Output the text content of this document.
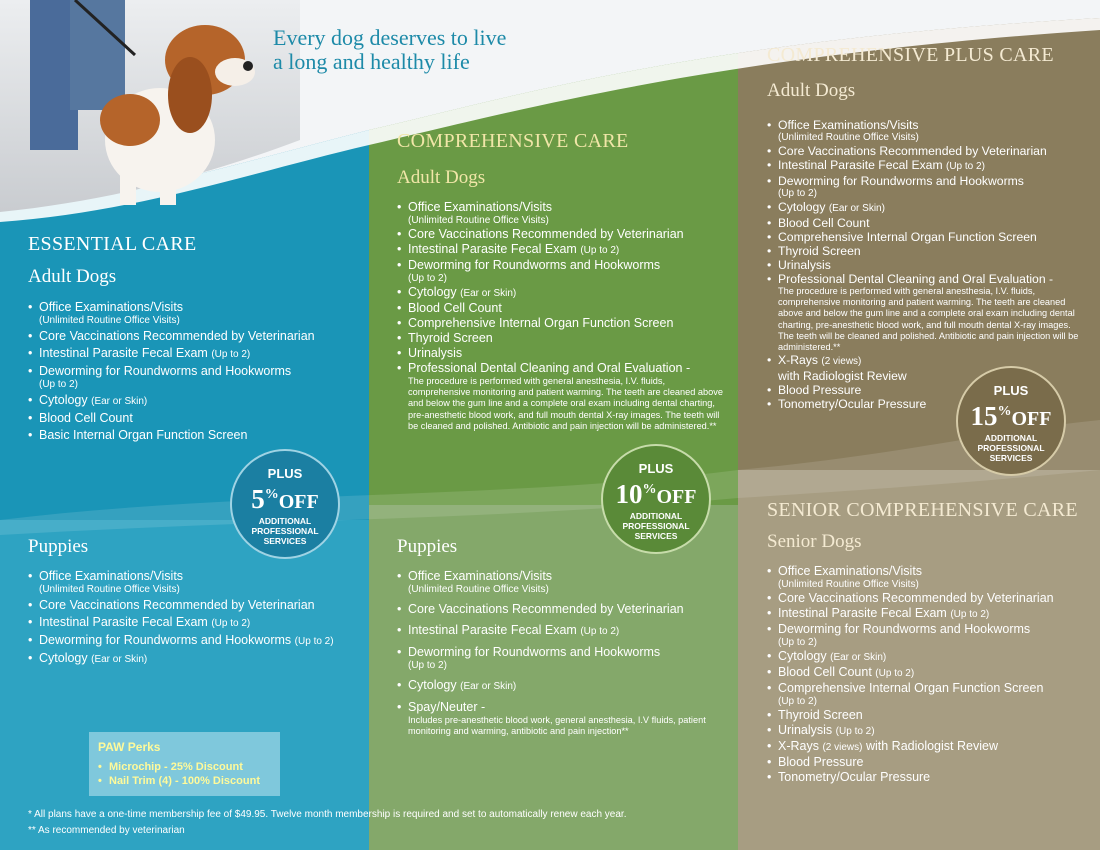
Every dog deserves to live a long and healthy life
ESSENTIAL CARE
Adult Dogs
• Office Examinations/Visits
(Unlimited Routine Office Visits)
• Core Vaccinations Recommended by Veterinarian
• Intestinal Parasite Fecal Exam (Up to 2)
• Deworming for Roundworms and Hookworms
(Up to 2)
• Cytology (Ear or Skin)
• Blood Cell Count
• Basic Internal Organ Function Screen
PLUS
5%OFF
ADDITIONAL
PROFESSIONAL
SERVICES
Puppies
• Office Examinations/Visits
(Unlimited Routine Office Visits)
• Core Vaccinations Recommended by Veterinarian
• Intestinal Parasite Fecal Exam (Up to 2)
• Deworming for Roundworms and Hookworms (Up to 2)
• Cytology (Ear or Skin)
PAW Perks
• Microchip - 25% Discount
• Nail Trim (4) - 100% Discount
COMPREHENSIVE CARE
Adult Dogs
• Office Examinations/Visits
(Unlimited Routine Office Visits)
• Core Vaccinations Recommended by Veterinarian
• Intestinal Parasite Fecal Exam (Up to 2)
• Deworming for Roundworms and Hookworms
(Up to 2)
• Cytology (Ear or Skin)
• Blood Cell Count
• Comprehensive Internal Organ Function Screen
• Thyroid Screen
• Urinalysis
• Professional Dental Cleaning and Oral Evaluation -
The procedure is performed with general anesthesia, I.V. fluids, comprehensive monitoring and patient warming. The teeth are cleaned above and below the gum line and a complete oral exam including dental charting, pre-anesthetic blood work, and full mouth dental X-ray images. The teeth will be cleaned and polished. Antibiotic and pain injection will be administered.**
PLUS
10%OFF
ADDITIONAL
PROFESSIONAL
SERVICES
Puppies
• Office Examinations/Visits
(Unlimited Routine Office Visits)
• Core Vaccinations Recommended by Veterinarian
• Intestinal Parasite Fecal Exam (Up to 2)
• Deworming for Roundworms and Hookworms
(Up to 2)
• Cytology (Ear or Skin)
• Spay/Neuter -
Includes pre-anesthetic blood work, general anesthesia, I.V fluids, patient monitoring and warming, antibiotic and pain injection**
COMPREHENSIVE PLUS CARE
Adult Dogs
• Office Examinations/Visits
(Unlimited Routine Office Visits)
• Core Vaccinations Recommended by Veterinarian
• Intestinal Parasite Fecal Exam (Up to 2)
• Deworming for Roundworms and Hookworms
(Up to 2)
• Cytology (Ear or Skin)
• Blood Cell Count
• Comprehensive Internal Organ Function Screen
• Thyroid Screen
• Urinalysis
• Professional Dental Cleaning and Oral Evaluation -
The procedure is performed with general anesthesia, I.V. fluids, comprehensive monitoring and patient warming. The teeth are cleaned above and below the gum line and a complete oral exam including dental charting, pre-anesthetic blood work, and full mouth dental X-ray images. The teeth will be cleaned and polished. Antibiotic and pain injection will be administered.**
• X-Rays (2 views)
with Radiologist Review
• Blood Pressure
• Tonometry/Ocular Pressure
PLUS
15%OFF
ADDITIONAL
PROFESSIONAL
SERVICES
SENIOR COMPREHENSIVE CARE
Senior Dogs
• Office Examinations/Visits
(Unlimited Routine Office Visits)
• Core Vaccinations Recommended by Veterinarian
• Intestinal Parasite Fecal Exam (Up to 2)
• Deworming for Roundworms and Hookworms
(Up to 2)
• Cytology (Ear or Skin)
• Blood Cell Count (Up to 2)
• Comprehensive Internal Organ Function Screen
(Up to 2)
• Thyroid Screen
• Urinalysis (Up to 2)
• X-Rays (2 views) with Radiologist Review
• Blood Pressure
• Tonometry/Ocular Pressure
* All plans have a one-time membership fee of $49.95. Twelve month membership is required and set to automatically renew each year.
** As recommended by veterinarian
